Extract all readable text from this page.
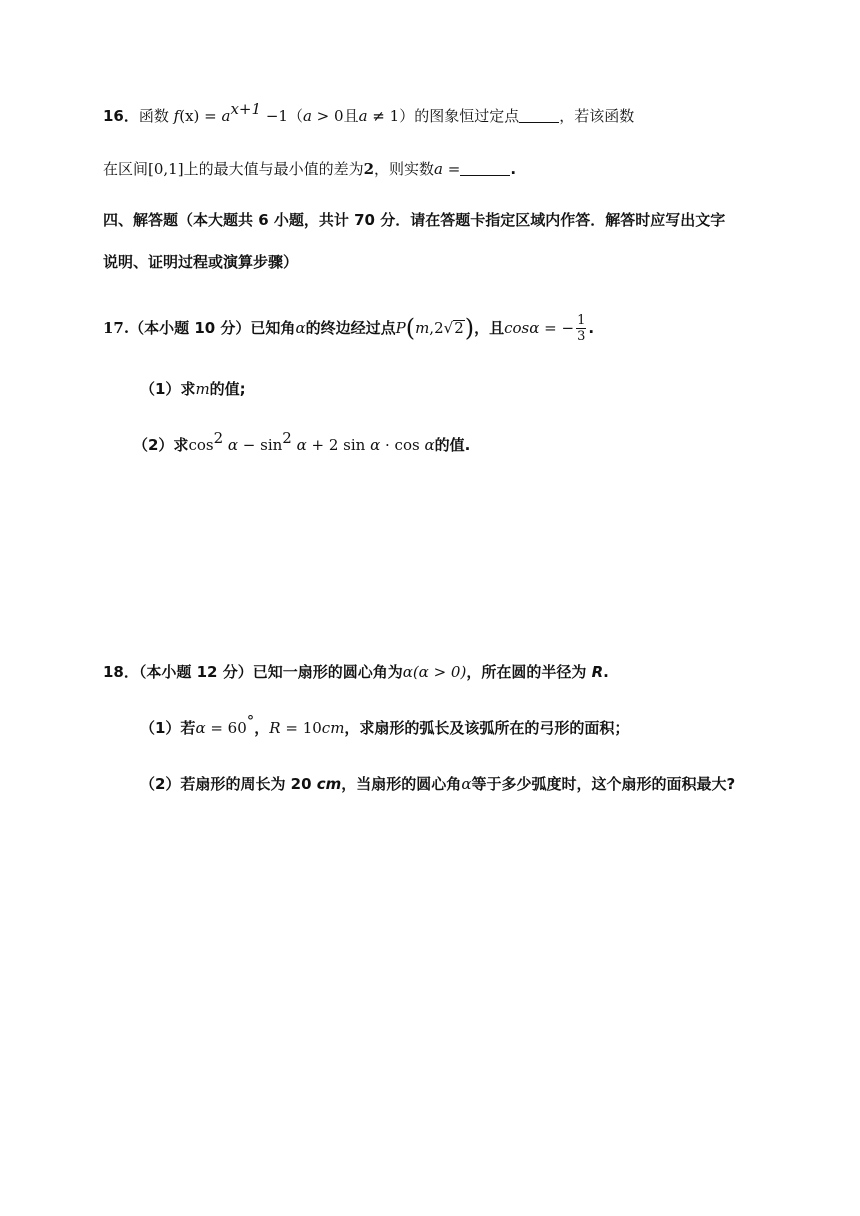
16．函数 $f(x) = a^{x+1} -1(a > 0$且a ≠ 1）的图象恒过定点	，若该函数
在区间[0,1]上的最大值与最小值的差为2，则实数a =	.
四、解答题（本大题共 6 小题，共计 70 分．请在答题卡指定区域内作答．解答时应写出文字
说明、证明过程或演算步骤）
17.（本小题 10 分）已知角α的终边经过点P(m,2√2)，且cosα = − $\frac{1}{3}$ .
（1）求m的值;
（2）求$\cos^2 \alpha - \sin^2 \alpha + 2$ sin α · cos α的值.
18．（本小题 12 分）已知一扇形的圆心角为α(α > 0)，所在圆的半径为 R.
（1）若α = 60°，R = 10cm，求扇形的弧长及该弧所在的弓形的面积；
（2）若扇形的周长为 20 cm，当扇形的圆心角α等于多少弧度时，这个扇形的面积最大?
